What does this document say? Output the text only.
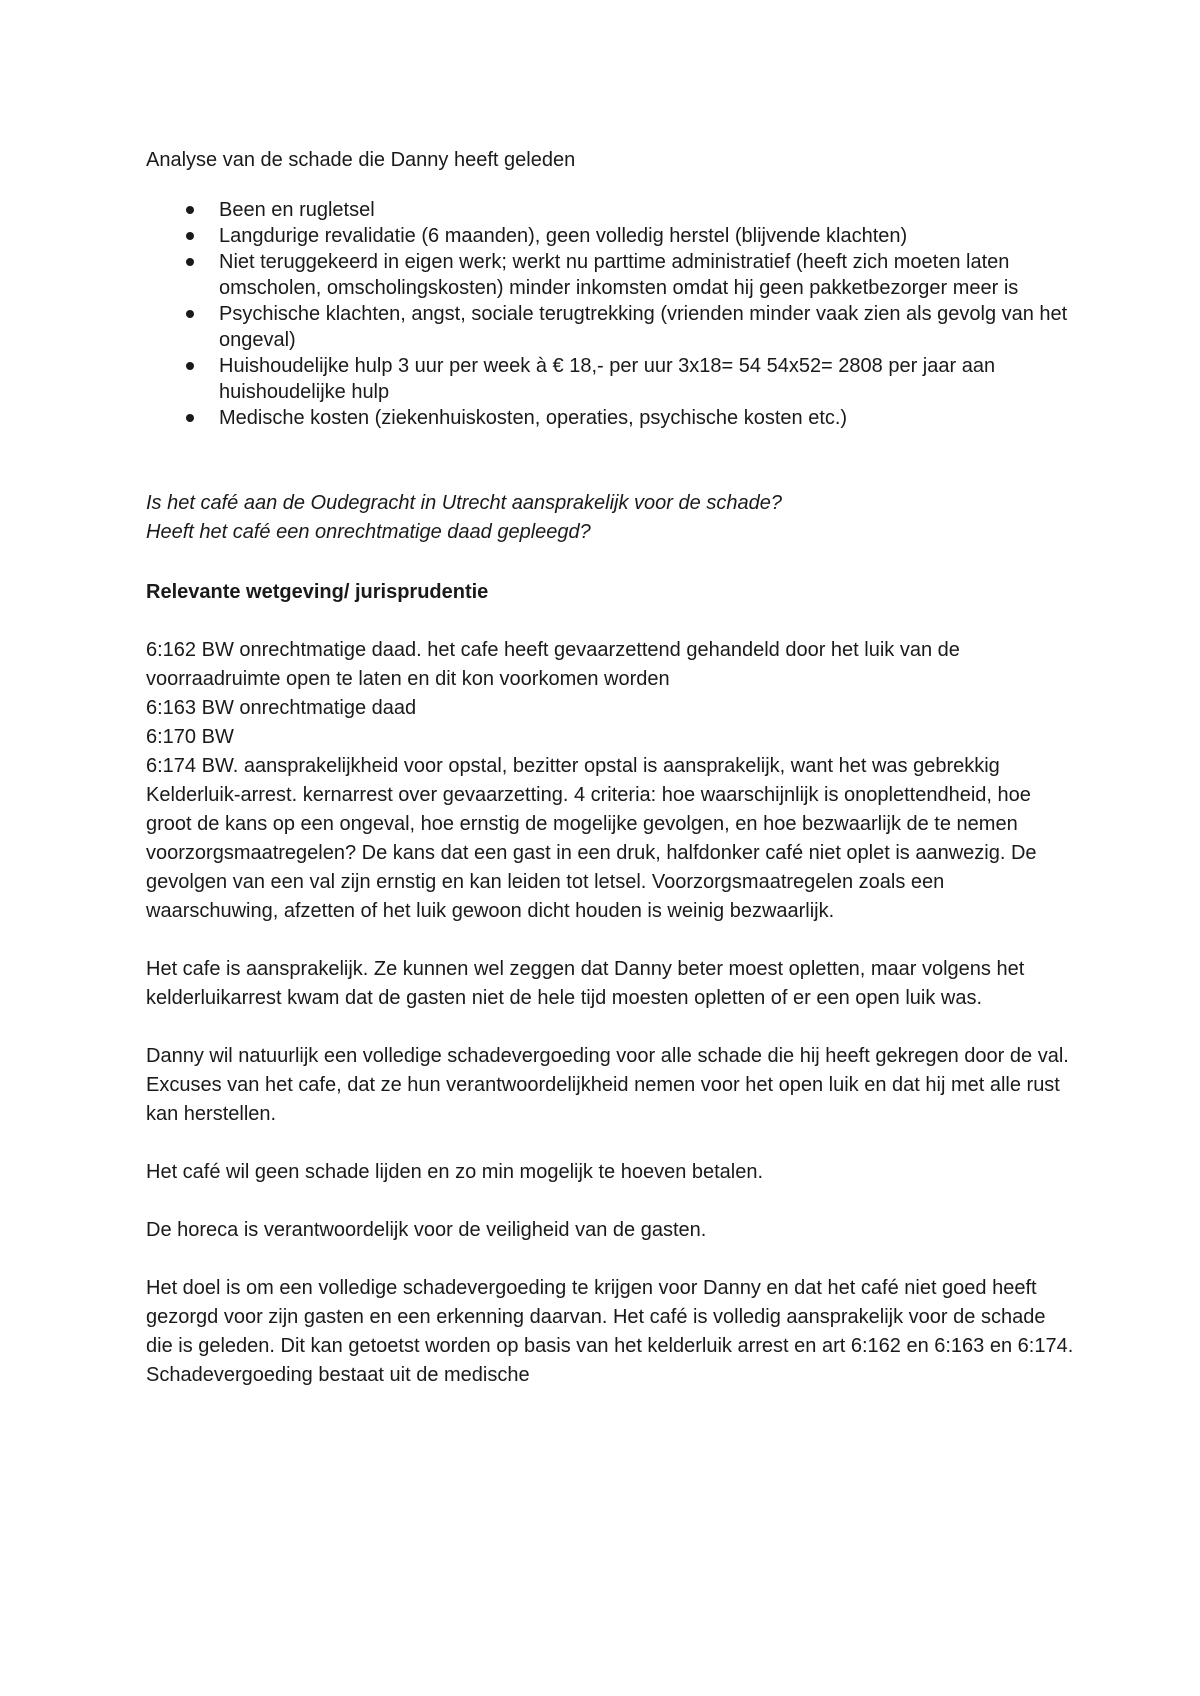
Analyse van de schade die Danny heeft geleden

Been en rugletsel
Langdurige revalidatie (6 maanden), geen volledig herstel (blijvende klachten)
Niet teruggekeerd in eigen werk; werkt nu parttime administratief (heeft zich moeten laten omscholen, omscholingskosten) minder inkomsten omdat hij geen pakketbezorger meer is
Psychische klachten, angst, sociale terugtrekking (vrienden minder vaak zien als gevolg van het ongeval)
Huishoudelijke hulp 3 uur per week à € 18,- per uur 3x18= 54 54x52= 2808 per jaar aan huishoudelijke hulp
Medische kosten (ziekenhuiskosten, operaties, psychische kosten etc.)

Is het café aan de Oudegracht in Utrecht aansprakelijk voor de schade?

Heeft het café een onrechtmatige daad gepleegd?

Relevante wetgeving/ jurisprudentie

6:162 BW onrechtmatige daad. het cafe heeft gevaarzettend gehandeld door het luik van de voorraadruimte open te laten en dit kon voorkomen worden

6:163 BW onrechtmatige daad

6:170 BW

6:174 BW. aansprakelijkheid voor opstal, bezitter opstal is aansprakelijk, want het was gebrekkig

Kelderluik-arrest. kernarrest over gevaarzetting. 4 criteria: hoe waarschijnlijk is onoplettendheid, hoe groot de kans op een ongeval, hoe ernstig de mogelijke gevolgen, en hoe bezwaarlijk de te nemen voorzorgsmaatregelen? De kans dat een gast in een druk, halfdonker café niet oplet is aanwezig. De gevolgen van een val zijn ernstig en kan leiden tot letsel. Voorzorgsmaatregelen zoals een waarschuwing, afzetten of het luik gewoon dicht houden is weinig bezwaarlijk.

Het cafe is aansprakelijk. Ze kunnen wel zeggen dat Danny beter moest opletten, maar volgens het kelderluikarrest kwam dat de gasten niet de hele tijd moesten opletten of er een open luik was.

Danny wil natuurlijk een volledige schadevergoeding voor alle schade die hij heeft gekregen door de val. Excuses van het cafe, dat ze hun verantwoordelijkheid nemen voor het open luik en dat hij met alle rust kan herstellen.

Het café wil geen schade lijden en zo min mogelijk te hoeven betalen.

De horeca is verantwoordelijk voor de veiligheid van de gasten.

Het doel is om een volledige schadevergoeding te krijgen voor Danny en dat het café niet goed heeft gezorgd voor zijn gasten en een erkenning daarvan. Het café is volledig aansprakelijk voor de schade die is geleden. Dit kan getoetst worden op basis van het kelderluik arrest en art 6:162 en 6:163 en 6:174. Schadevergoeding bestaat uit de medische
